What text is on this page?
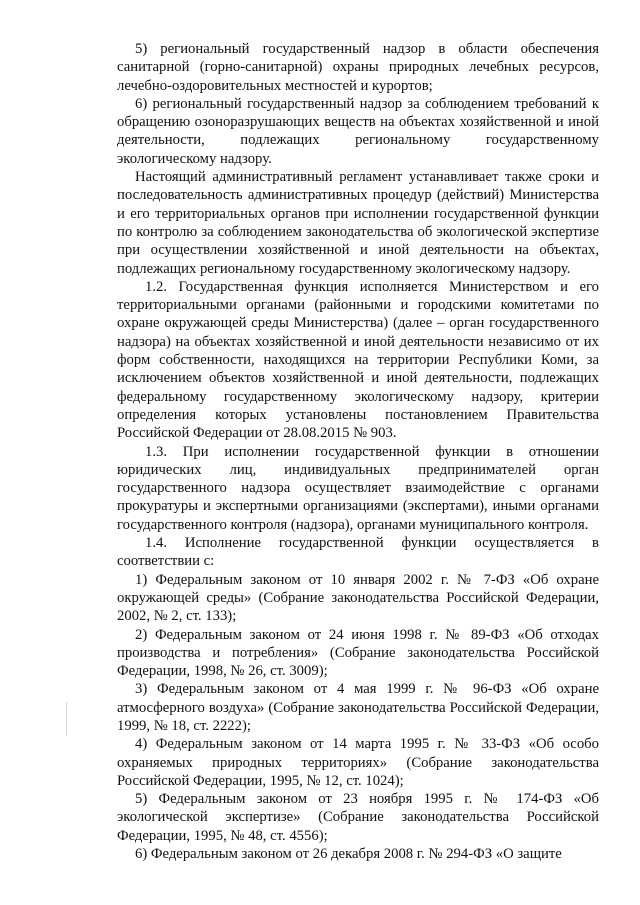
5) региональный государственный надзор в области обеспечения санитарной (горно-санитарной) охраны природных лечебных ресурсов, лечебно-оздоровительных местностей и курортов;

6) региональный государственный надзор за соблюдением требований к обращению озоноразрушающих веществ на объектах хозяйственной и иной деятельности, подлежащих региональному государственному экологическому надзору.

Настоящий административный регламент устанавливает также сроки и последовательность административных процедур (действий) Министерства и его территориальных органов при исполнении государственной функции по контролю за соблюдением законодательства об экологической экспертизе при осуществлении хозяйственной и иной деятельности на объектах, подлежащих региональному государственному экологическому надзору.

1.2. Государственная функция исполняется Министерством и его территориальными органами (районными и городскими комитетами по охране окружающей среды Министерства) (далее – орган государственного надзора) на объектах хозяйственной и иной деятельности независимо от их форм собственности, находящихся на территории Республики Коми, за исключением объектов хозяйственной и иной деятельности, подлежащих федеральному государственному экологическому надзору, критерии определения которых установлены постановлением Правительства Российской Федерации от 28.08.2015 № 903.

1.3. При исполнении государственной функции в отношении юридических лиц, индивидуальных предпринимателей орган государственного надзора осуществляет взаимодействие с органами прокуратуры и экспертными организациями (экспертами), иными органами государственного контроля (надзора), органами муниципального контроля.

1.4. Исполнение государственной функции осуществляется в соответствии с:

1) Федеральным законом от 10 января 2002 г. № 7-ФЗ «Об охране окружающей среды» (Собрание законодательства Российской Федерации, 2002, № 2, ст. 133);

2) Федеральным законом от 24 июня 1998 г. № 89-ФЗ «Об отходах производства и потребления» (Собрание законодательства Российской Федерации, 1998, № 26, ст. 3009);

3) Федеральным законом от 4 мая 1999 г. № 96-ФЗ «Об охране атмосферного воздуха» (Собрание законодательства Российской Федерации, 1999, № 18, ст. 2222);

4) Федеральным законом от 14 марта 1995 г. № 33-ФЗ «Об особо охраняемых природных территориях» (Собрание законодательства Российской Федерации, 1995, № 12, ст. 1024);

5) Федеральным законом от 23 ноября 1995 г. № 174-ФЗ «Об экологической экспертизе» (Собрание законодательства Российской Федерации, 1995, № 48, ст. 4556);

6) Федеральным законом от 26 декабря 2008 г. № 294-ФЗ «О защите
